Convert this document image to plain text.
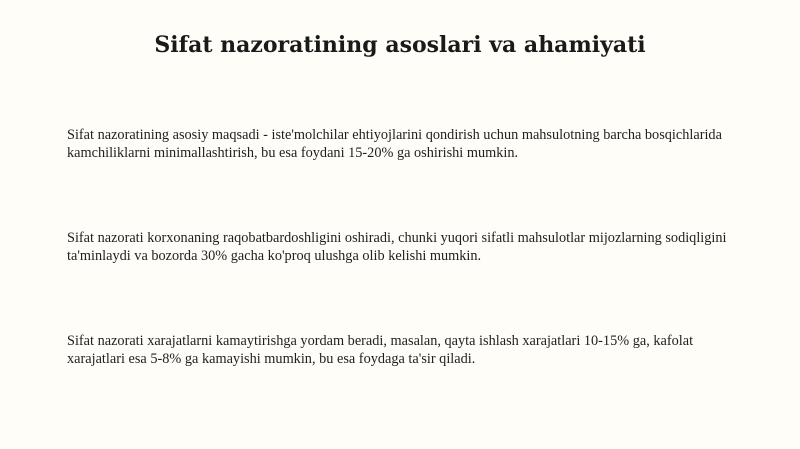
Sifat nazoratining asoslari va ahamiyati
Sifat nazoratining asosiy maqsadi - iste'molchilar ehtiyojlarini qondirish uchun mahsulotning barcha bosqichlarida kamchiliklarni minimallashtirish, bu esa foydani 15-20% ga oshirishi mumkin.
Sifat nazorati korxonaning raqobatbardoshligini oshiradi, chunki yuqori sifatli mahsulotlar mijozlarning sodiqligini ta'minlaydi va bozorda 30% gacha ko'proq ulushga olib kelishi mumkin.
Sifat nazorati xarajatlarni kamaytirishga yordam beradi, masalan, qayta ishlash xarajatlari 10-15% ga, kafolat xarajatlari esa 5-8% ga kamayishi mumkin, bu esa foydaga ta'sir qiladi.
